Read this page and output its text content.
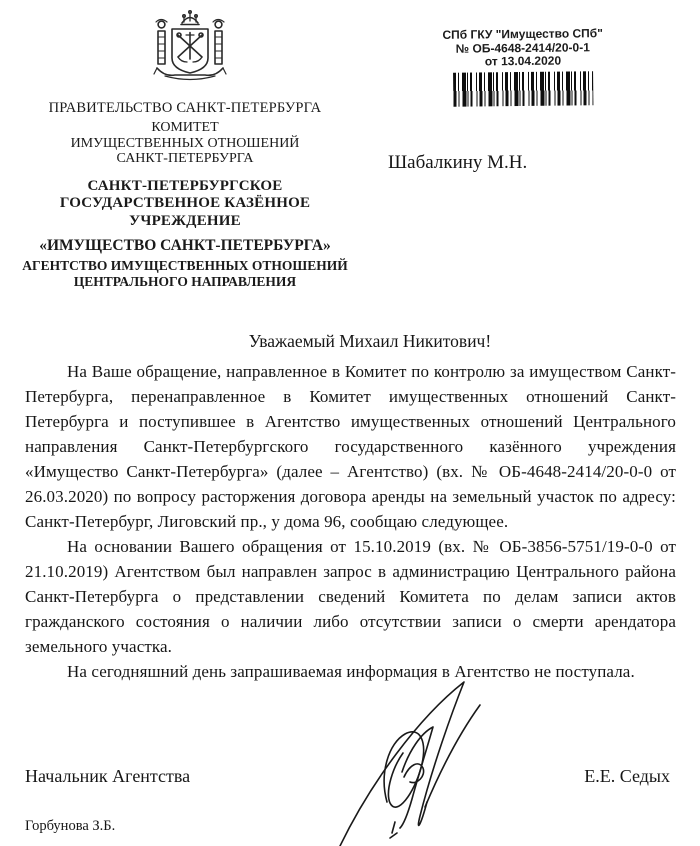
СПб ГКУ "Имущество СПб"
№ ОБ-4648-2414/20-0-1
от 13.04.2020
ПРАВИТЕЛЬСТВО САНКТ-ПЕТЕРБУРГА
КОМИТЕТ
ИМУЩЕСТВЕННЫХ ОТНОШЕНИЙ
САНКТ-ПЕТЕРБУРГА
САНКТ-ПЕТЕРБУРГСКОЕ
ГОСУДАРСТВЕННОЕ КАЗЁННОЕ
УЧРЕЖДЕНИЕ
«ИМУЩЕСТВО САНКТ-ПЕТЕРБУРГА»
АГЕНТСТВО ИМУЩЕСТВЕННЫХ ОТНОШЕНИЙ
ЦЕНТРАЛЬНОГО НАПРАВЛЕНИЯ
Шабалкину М.Н.
Уважаемый Михаил Никитович!

На Ваше обращение, направленное в Комитет по контролю за имуществом Санкт-Петербурга, перенаправленное в Комитет имущественных отношений Санкт-Петербурга и поступившее в Агентство имущественных отношений Центрального направления Санкт-Петербургского государственного казённого учреждения «Имущество Санкт-Петербурга» (далее – Агентство) (вх. № ОБ-4648-2414/20-0-0 от 26.03.2020) по вопросу расторжения договора аренды на земельный участок по адресу: Санкт-Петербург, Лиговский пр., у дома 96, сообщаю следующее.

На основании Вашего обращения от 15.10.2019 (вх. № ОБ-3856-5751/19-0-0 от 21.10.2019) Агентством был направлен запрос в администрацию Центрального района Санкт-Петербурга о представлении сведений Комитета по делам записи актов гражданского состояния о наличии либо отсутствии записи о смерти арендатора земельного участка.

На сегодняшний день запрашиваемая информация в Агентство не поступала.

Начальник Агентства	Е.Е. Седых
Горбунова З.Б.
